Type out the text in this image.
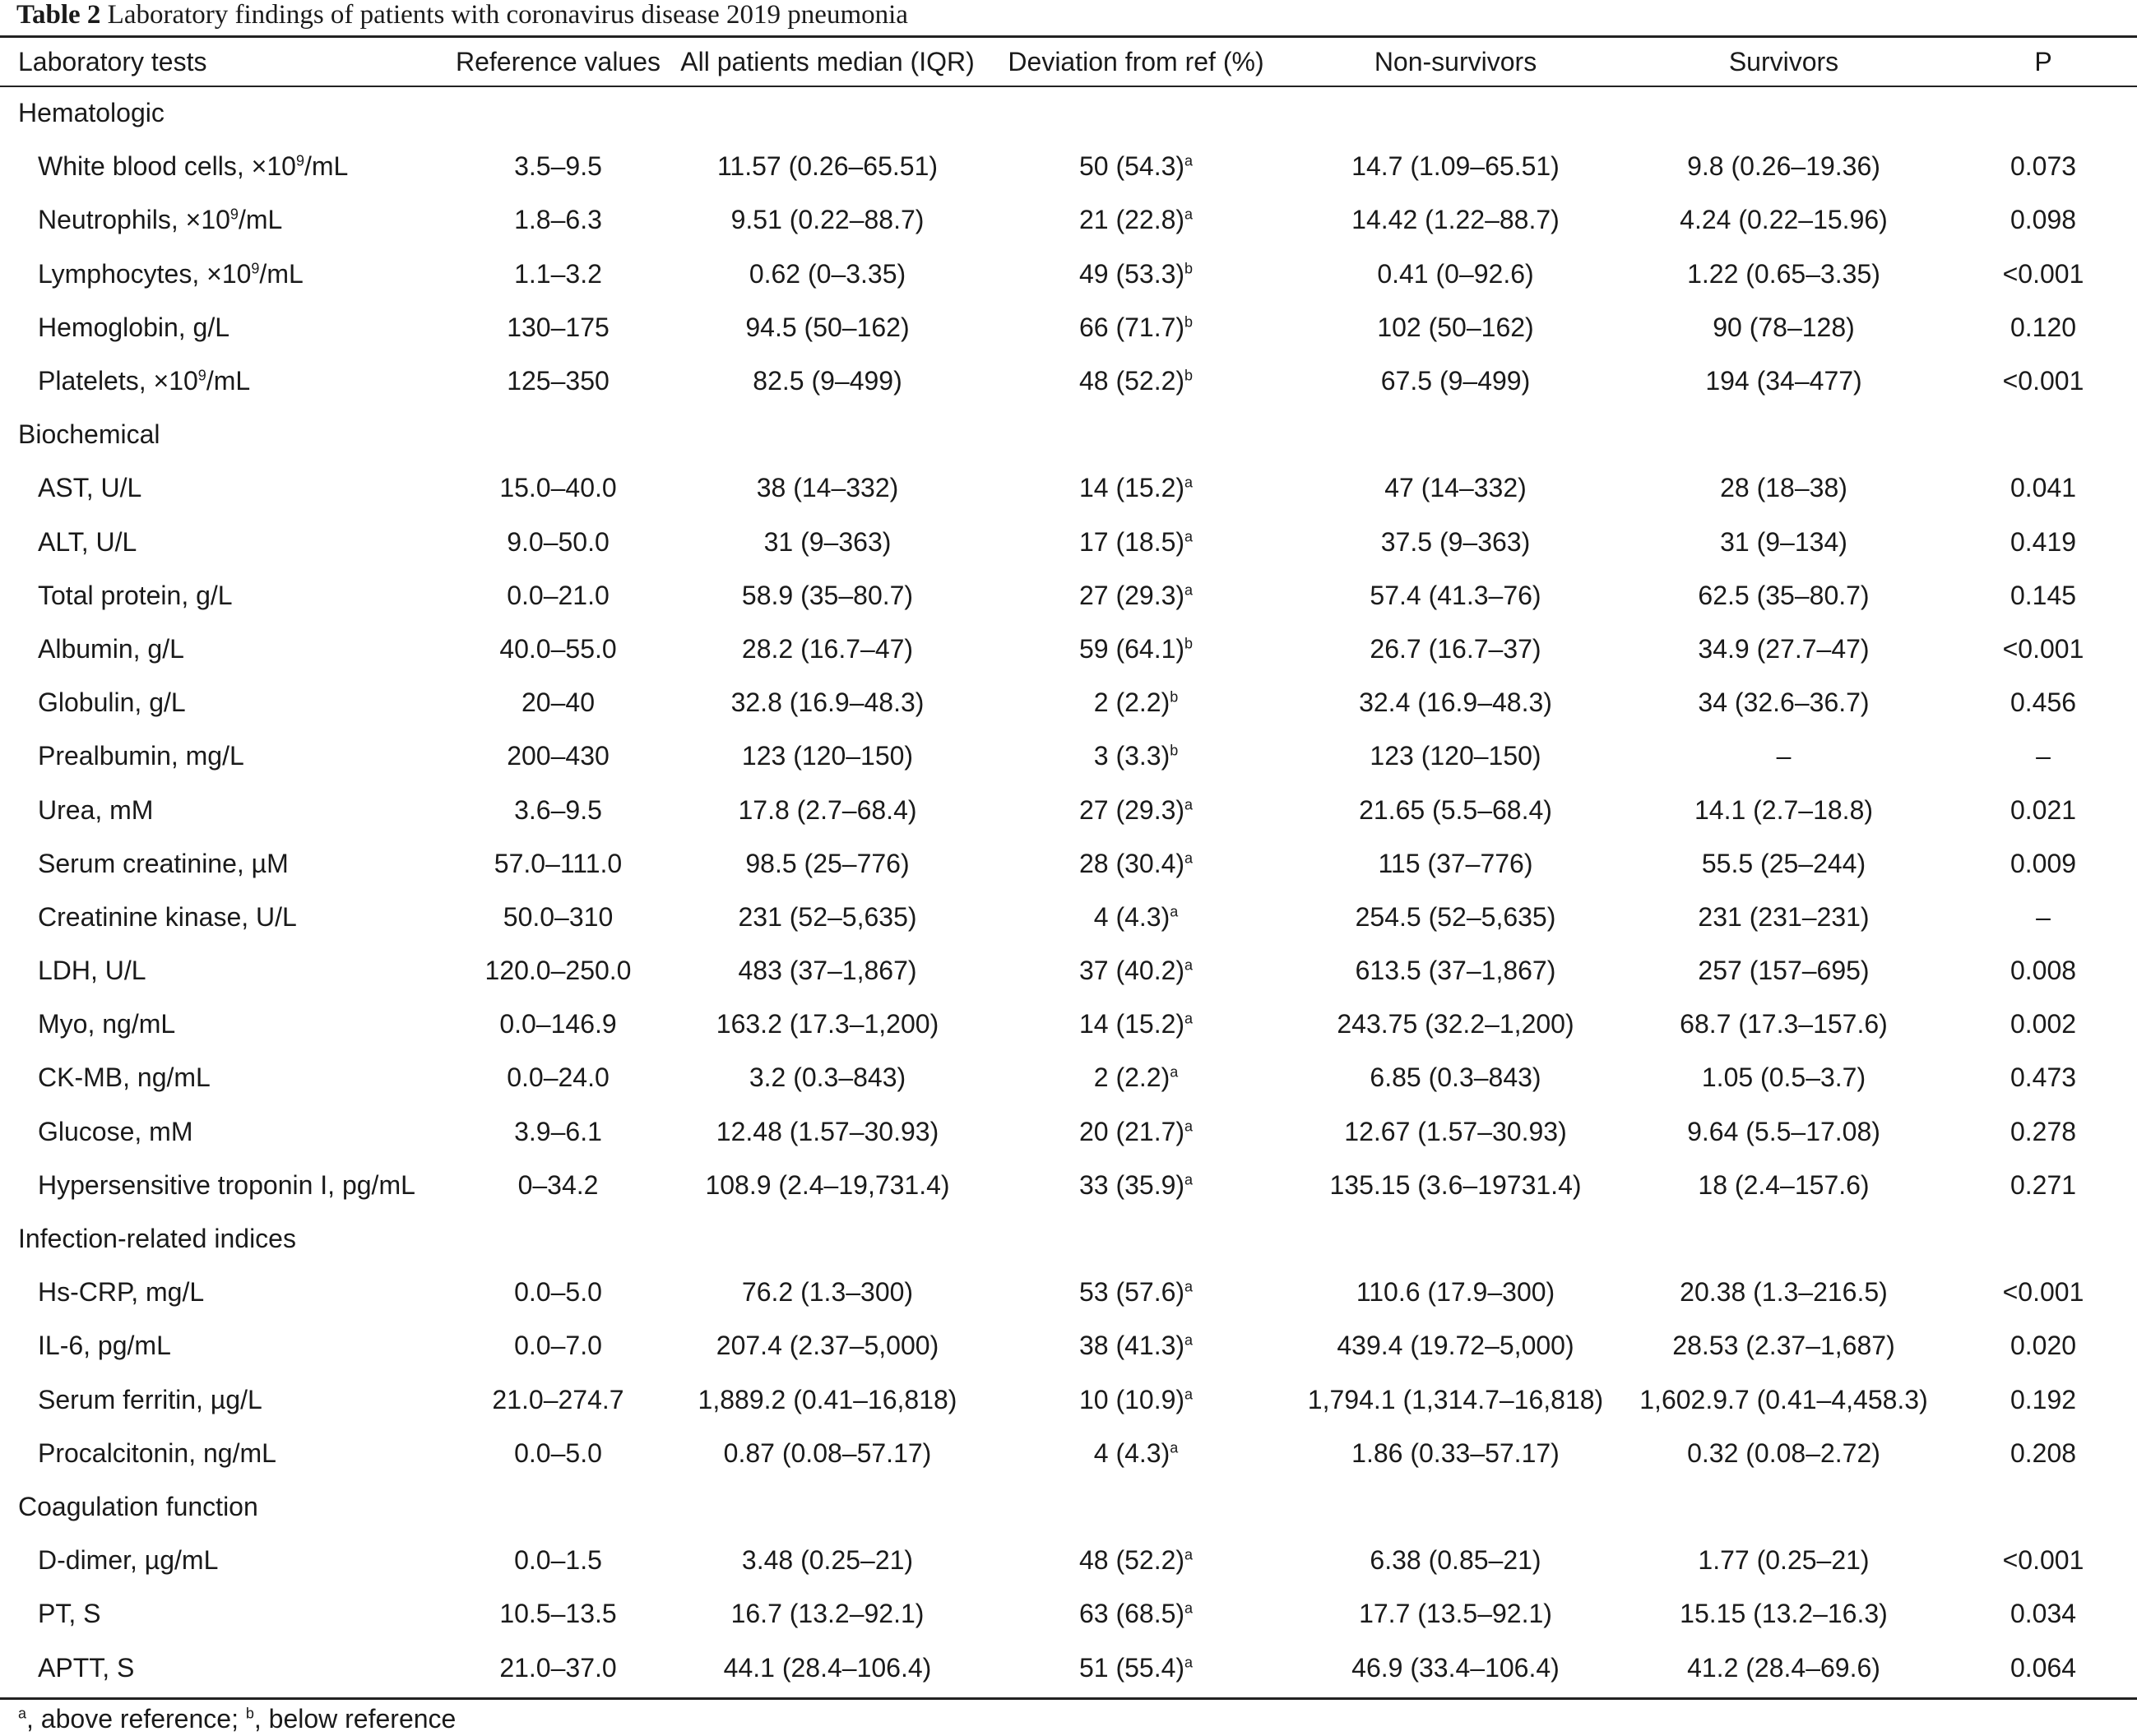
Table 2 Laboratory findings of patients with coronavirus disease 2019 pneumonia
Laboratory tests	Reference values	All patients median (IQR)	Deviation from ref (%)	Non-survivors	Survivors	P
Hematologic						
White blood cells, $\times 10^9/mL$	3.5–9.5	11.57 (0.26–65.51)	50 $(54.3)^a$	14.7 (1.09–65.51)	9.8 (0.26–19.36)	0.073
Neutrophils, $\times 10^9/mL$	1.8–6.3	9.51 (0.22–88.7)	21 $(22.8)^a$	14.42 (1.22–88.7)	4.24 (0.22–15.96)	0.098
Lymphocytes, $\times 10^9/mL$	1.1–3.2	0.62 (0–3.35)	49 $(53.3)^b$	0.41 (0–92.6)	1.22 (0.65–3.35)	<0.001
Hemoglobin, g/L	130–175	94.5 (50–162)	66 $(71.7)^b$	102 (50–162)	90 (78–128)	0.120
Platelets, $\times 10^9/mL$	125–350	82.5 (9–499)	48 $(52.2)^b$	67.5 (9–499)	194 (34–477)	<0.001
Biochemical						
AST, U/L	15.0–40.0	38 (14–332)	14 $(15.2)^a$	47 (14–332)	28 (18–38)	0.041
ALT, U/L	9.0–50.0	31 (9–363)	17 $(18.5)^a$	37.5 (9–363)	31 (9–134)	0.419
Total protein, g/L	0.0–21.0	58.9 (35–80.7)	27 $(29.3)^a$	57.4 (41.3–76)	62.5 (35–80.7)	0.145
Albumin, g/L	40.0–55.0	28.2 (16.7–47)	59 $(64.1)^b$	26.7 (16.7–37)	34.9 (27.7–47)	<0.001
Globulin, g/L	20–40	32.8 (16.9–48.3)	2 $(2.2)^b$	32.4 (16.9–48.3)	34 (32.6–36.7)	0.456
Prealbumin, mg/L	200–430	123 (120–150)	3 $(3.3)^b$	123 (120–150)	–	–
Urea, mM	3.6–9.5	17.8 (2.7–68.4)	27 $(29.3)^a$	21.65 (5.5–68.4)	14.1 (2.7–18.8)	0.021
Serum creatinine, µM	57.0–111.0	98.5 (25–776)	28 $(30.4)^a$	115 (37–776)	55.5 (25–244)	0.009
Creatinine kinase, U/L	50.0–310	231 (52–5,635)	4 $(4.3)^a$	254.5 (52–5,635)	231 (231–231)	–
LDH, U/L	120.0–250.0	483 (37–1,867)	37 $(40.2)^a$	613.5 (37–1,867)	257 (157–695)	0.008
Myo, ng/mL	0.0–146.9	163.2 (17.3–1,200)	14 $(15.2)^a$	243.75 (32.2–1,200)	68.7 (17.3–157.6)	0.002
CK-MB, ng/mL	0.0–24.0	3.2 (0.3–843)	2 $(2.2)^a$	6.85 (0.3–843)	1.05 (0.5–3.7)	0.473
Glucose, mM	3.9–6.1	12.48 (1.57–30.93)	20 $(21.7)^a$	12.67 (1.57–30.93)	9.64 (5.5–17.08)	0.278
Hypersensitive troponin I, pg/mL	0–34.2	108.9 (2.4–19,731.4)	33 $(35.9)^a$	135.15 (3.6–19731.4)	18 (2.4–157.6)	0.271
Infection-related indices						
Hs-CRP, mg/L	0.0–5.0	76.2 (1.3–300)	53 $(57.6)^a$	110.6 (17.9–300)	20.38 (1.3–216.5)	<0.001
IL-6, pg/mL	0.0–7.0	207.4 (2.37–5,000)	38 $(41.3)^a$	439.4 (19.72–5,000)	28.53 (2.37–1,687)	0.020
Serum ferritin, µg/L	21.0–274.7	1,889.2 (0.41–16,818)	10 $(10.9)^a$	1,794.1 (1,314.7–16,818)	1,602.9.7 (0.41–4,458.3)	0.192
Procalcitonin, ng/mL	0.0–5.0	0.87 (0.08–57.17)	4 $(4.3)^a$	1.86 (0.33–57.17)	0.32 (0.08–2.72)	0.208
Coagulation function						
D-dimer, µg/mL	0.0–1.5	3.48 (0.25–21)	48 $(52.2)^a$	6.38 (0.85–21)	1.77 (0.25–21)	<0.001
PT, S	10.5–13.5	16.7 (13.2–92.1)	63 $(68.5)^a$	17.7 (13.5–92.1)	15.15 (13.2–16.3)	0.034
APTT, S	21.0–37.0	44.1 (28.4–106.4)	51 $(55.4)^a$	46.9 (33.4–106.4)	41.2 (28.4–69.6)	0.064
$^a$, above reference; $^b$, below reference
